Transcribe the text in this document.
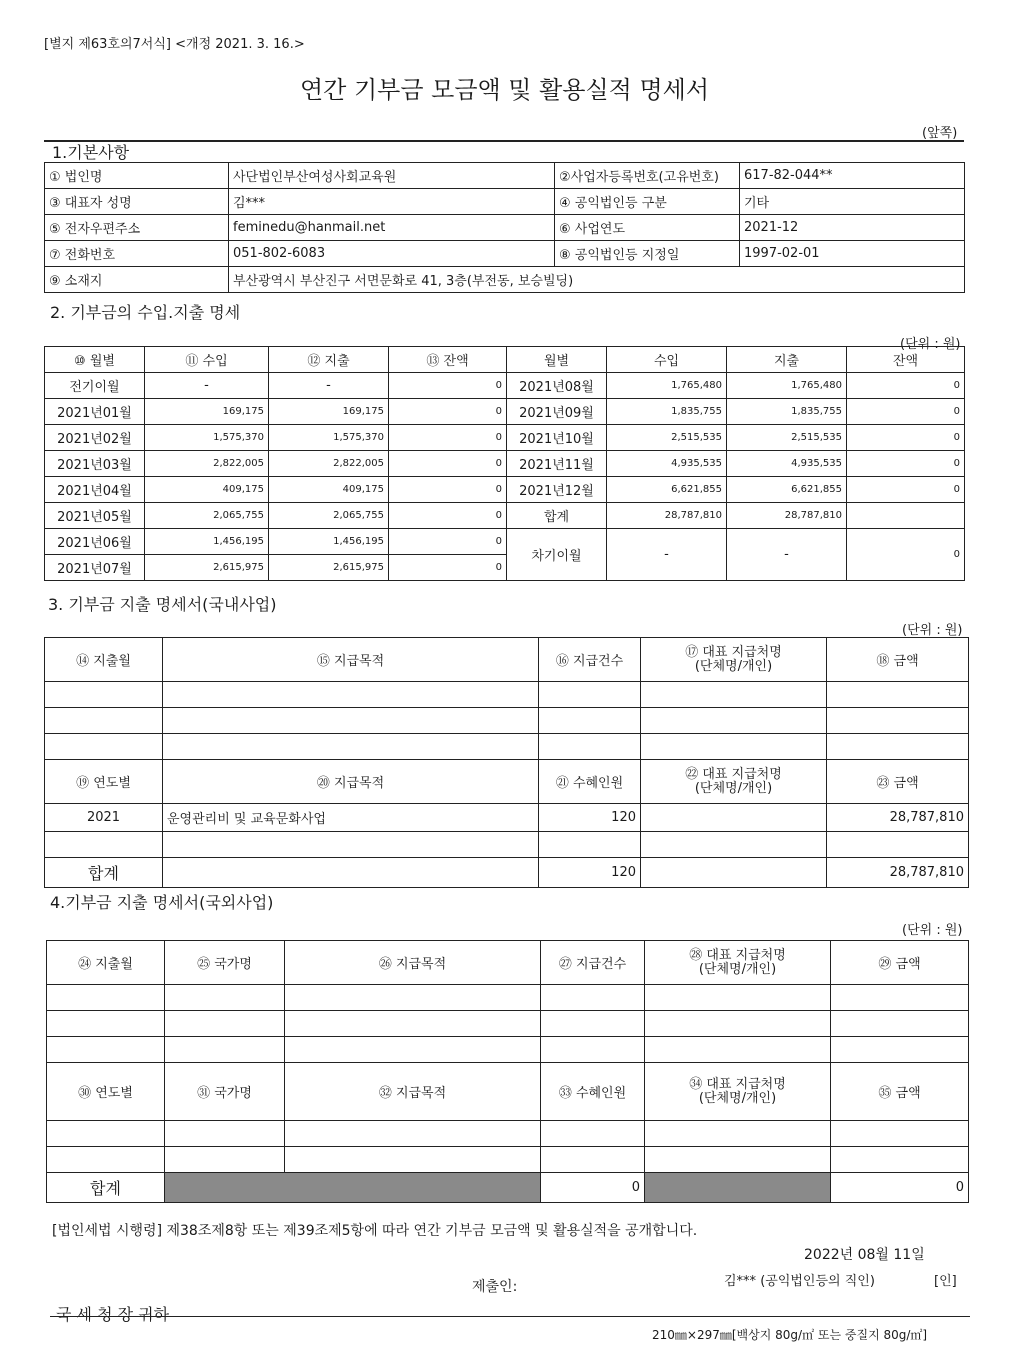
[별지 제63호의7서식] <개정 2021. 3. 16.>
연간 기부금 모금액 및 활용실적 명세서
(앞쪽)
1.기본사항
① 법인명	사단법인부산여성사회교육원	②사업자등록번호(고유번호)	617-82-044**
③ 대표자 성명	김***	④ 공익법인등 구분	기타
⑤ 전자우편주소	feminedu@hanmail.net	⑥ 사업연도	2021-12
⑦ 전화번호	051-802-6083	⑧ 공익법인등 지정일	1997-02-01
⑨ 소재지	부산광역시 부산진구 서면문화로 41, 3층(부전동, 보승빌딩)		
2. 기부금의 수입.지출 명세
(단위 : 원)
⑩ 월별	⑪ 수입	⑫ 지출	⑬ 잔액	월별	수입	지출	잔액
전기이월	-	-	0	2021년08월	1,765,480	1,765,480	0
2021년01월	169,175	169,175	0	2021년09월	1,835,755	1,835,755	0
2021년02월	1,575,370	1,575,370	0	2021년10월	2,515,535	2,515,535	0
2021년03월	2,822,005	2,822,005	0	2021년11월	4,935,535	4,935,535	0
2021년04월	409,175	409,175	0	2021년12월	6,621,855	6,621,855	0
2021년05월	2,065,755	2,065,755	0	합계	28,787,810	28,787,810	
2021년06월	1,456,195	1,456,195	0	차기이월	-	-	0
2021년07월	2,615,975	2,615,975	0				
3. 기부금 지출 명세서(국내사업)
(단위 : 원)
⑭ 지출월	⑮ 지급목적	⑯ 지급건수	⑰ 대표 지급처명
(단체명/개인)	⑱ 금액

⑲ 연도별	⑳ 지급목적	㉑ 수혜인원	㉒ 대표 지급처명
(단체명/개인)	㉓ 금액
2021	운영관리비 및 교육문화사업	120		28,787,810

합계		120		28,787,810
4.기부금 지출 명세서(국외사업)
(단위 : 원)
㉔ 지출월	㉕ 국가명	㉖ 지급목적	㉗ 지급건수	㉘ 대표 지급처명
(단체명/개인)	㉙ 금액

㉚ 연도별	㉛ 국가명	㉜ 지급목적	㉝ 수혜인원	㉞ 대표 지급처명
(단체명/개인)	㉟ 금액

합계			0		0
[법인세법 시행령] 제38조제8항 또는 제39조제5항에 따라 연간 기부금 모금액 및 활용실적을 공개합니다.
2022년 08월 11일
제출인:	김*** (공익법인등의 직인)	[인]
국 세 청 장 귀하
210㎜×297㎜[백상지 80g/㎡ 또는 중질지 80g/㎡]
